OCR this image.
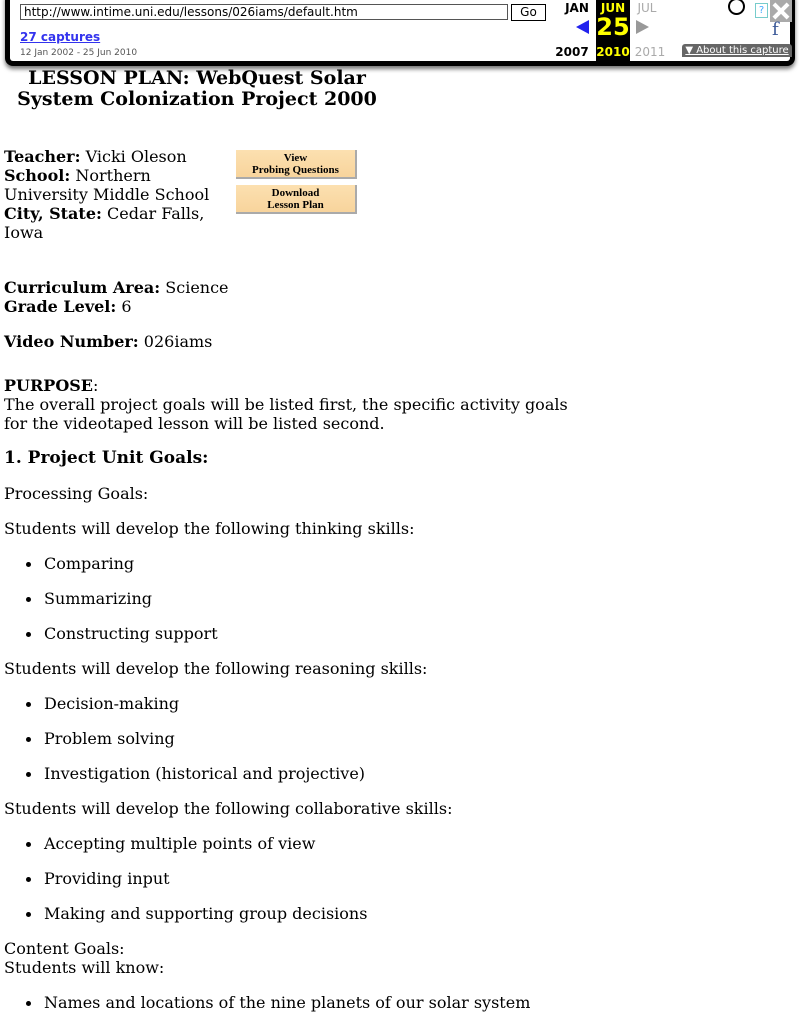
http://www.intime.uni.edu/lessons/026iams/default.htm	Go
27 captures
12 Jan 2002 - 25 Jun 2010
JAN JUN	JUL
25
2007 2010 2011
?
f
▼ About this capture
LESSON PLAN: WebQuest Solar
System Colonization Project 2000
Teacher: Vicki Oleson
School: Northern University Middle School
City, State: Cedar Falls, Iowa
View
Probing Questions
Download
Lesson Plan
Curriculum Area: Science
Grade Level: 6
Video Number: 026iams
PURPOSE:
The overall project goals will be listed first, the specific activity goals
for the videotaped lesson will be listed second.
1. Project Unit Goals:
Processing Goals:
Students will develop the following thinking skills:
Comparing
Summarizing
Constructing support
Students will develop the following reasoning skills:
Decision-making
Problem solving
Investigation (historical and projective)
Students will develop the following collaborative skills:
Accepting multiple points of view
Providing input
Making and supporting group decisions
Content Goals:
Students will know:
Names and locations of the nine planets of our solar system
